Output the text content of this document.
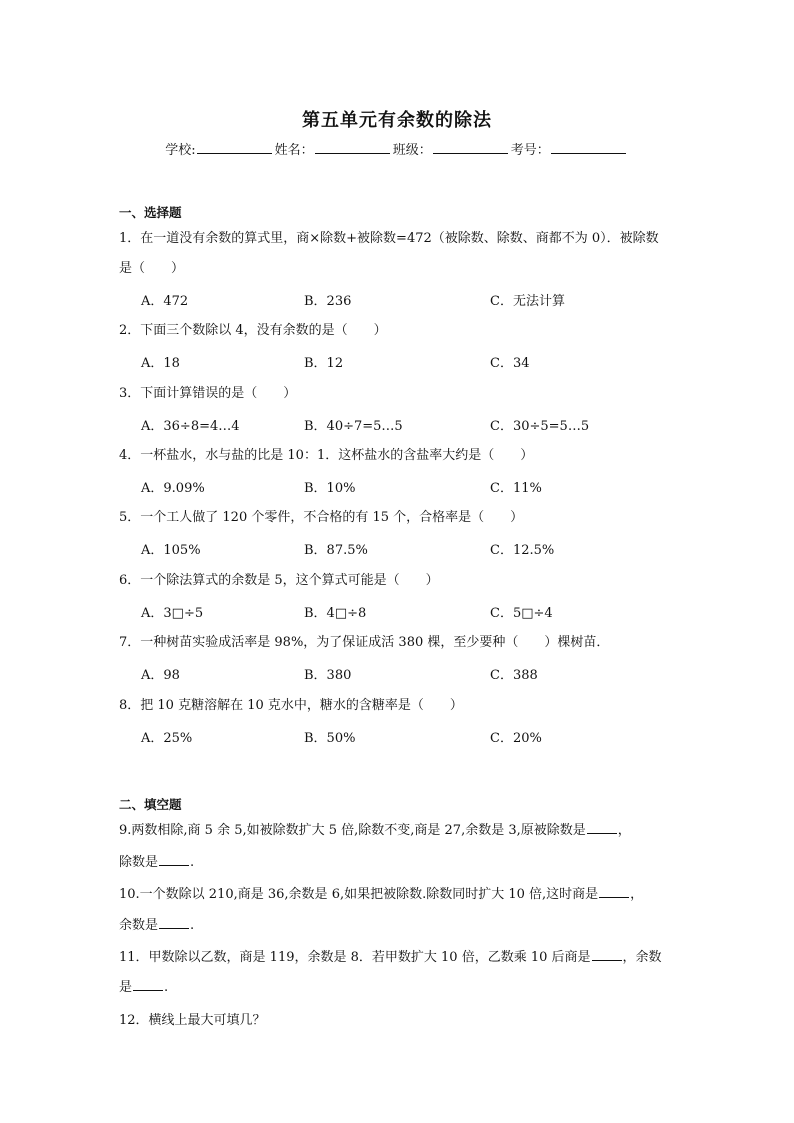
第五单元有余数的除法
学校:	姓名：	班级：	考号：
一、选择题
1．在一道没有余数的算式里，商×除数+被除数=472（被除数、除数、商都不为 0）．被除数
是（　　）
A．472	B．236	C．无法计算
2．下面三个数除以 4，没有余数的是（　　）
A．18	B．12	C．34
3．下面计算错误的是（　　）
A．36÷8=4…4	B．40÷7=5…5	C．30÷5=5…5
4．一杯盐水，水与盐的比是 10：1．这杯盐水的含盐率大约是（　　）
A．9.09%	B．10%	C．11%
5．一个工人做了 120 个零件，不合格的有 15 个，合格率是（　　）
A．105%	B．87.5%	C．12.5%
6．一个除法算式的余数是 5，这个算式可能是（　　）
A．3□÷5	B．4□÷8	C．5□÷4
7．一种树苗实验成活率是 98%，为了保证成活 380 棵，至少要种（　　）棵树苗．
A．98	B．380	C．388
8．把 10 克糖溶解在 10 克水中，糖水的含糖率是（　　）
A．25%	B．50%	C．20%
二、填空题
9.两数相除,商 5 余 5,如被除数扩大 5 倍,除数不变,商是 27,余数是 3,原被除数是 ，
除数是 .
10.一个数除以 210,商是 36,余数是 6,如果把被除数.除数同时扩大 10 倍,这时商是 ，
余数是 .
11．甲数除以乙数，商是 119，余数是 8．若甲数扩大 10 倍，乙数乘 10 后商是 ，余数
是 .
12．横线上最大可填几？
